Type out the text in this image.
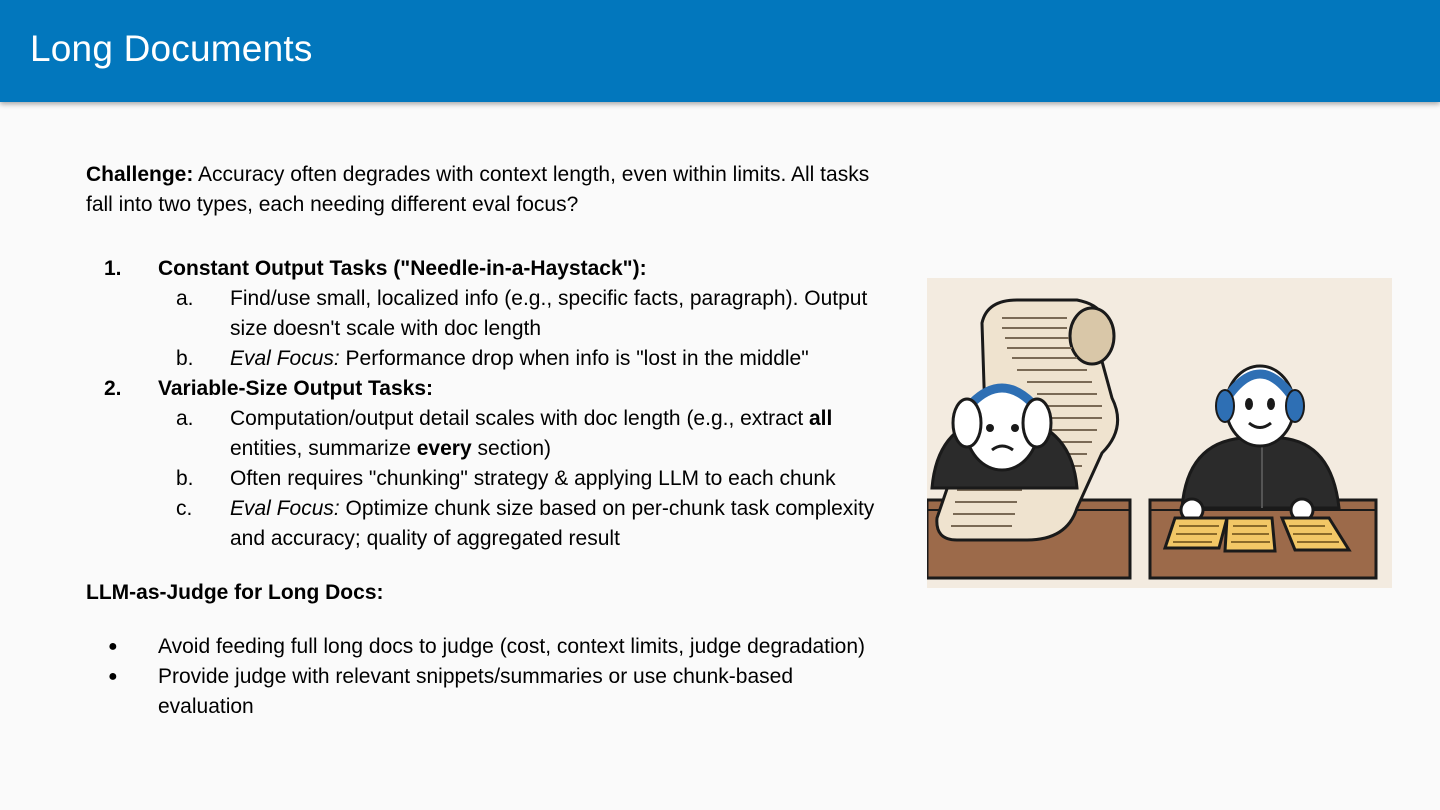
Long Documents

Challenge: Accuracy often degrades with context length, even within limits. All tasks fall into two types, each needing different eval focus?

1. Constant Output Tasks ("Needle-in-a-Haystack"):
a. Find/use small, localized info (e.g., specific facts, paragraph). Output size doesn't scale with doc length
b. Eval Focus: Performance drop when info is "lost in the middle"
2. Variable-Size Output Tasks:
a. Computation/output detail scales with doc length (e.g., extract all entities, summarize every section)
b. Often requires "chunking" strategy & applying LLM to each chunk
c. Eval Focus: Optimize chunk size based on per-chunk task complexity and accuracy; quality of aggregated result

LLM-as-Judge for Long Docs:

● Avoid feeding full long docs to judge (cost, context limits, judge degradation)
● Provide judge with relevant snippets/summaries or use chunk-based evaluation
